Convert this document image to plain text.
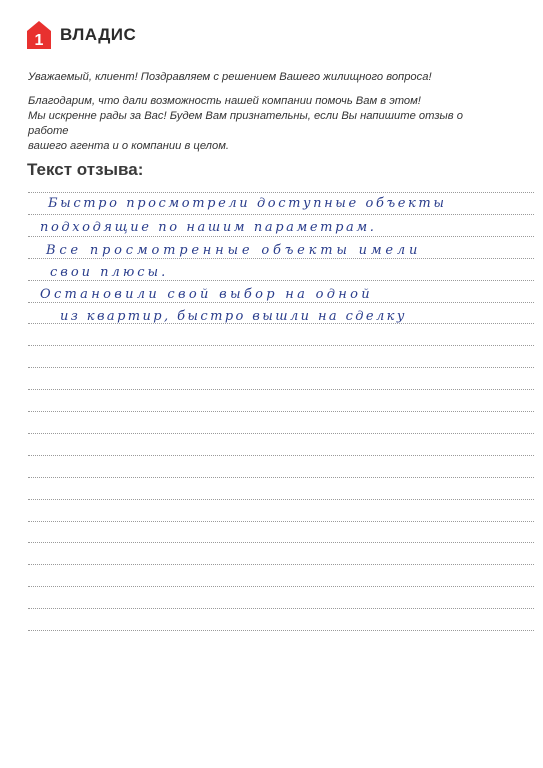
1 ВЛАДИС

Уважаемый, клиент! Поздравляем с решением Вашего жилищного вопроса!

Благодарим, что дали возможность нашей компании помочь Вам в этом!

Мы искренне рады за Вас! Будем Вам признательны, если Вы напишите отзыв о работе

вашего агента и о компании в целом.

Текст отзыва:
Быстро просмотрели доступные объекты
подходящие по нашим параметрам.
Все просмотренные объекты имели
свои плюсы.
Остановили свой выбор на одной
из квартир, быстро вышли на сделку
